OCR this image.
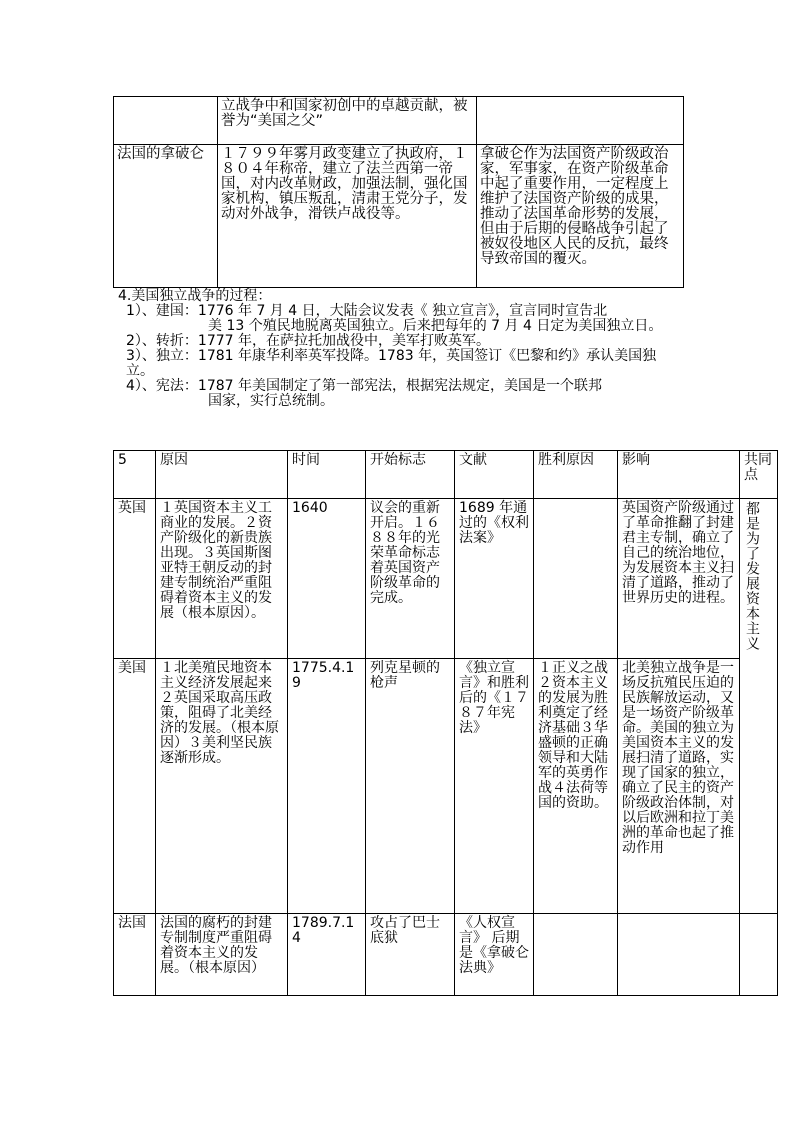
	立战争中和国家初创中的卓越贡献，被誉为“美国之父”	
法国的拿破仑	１７９９年雾月政变建立了执政府，１８０４年称帝，建立了法兰西第一帝国，对内改革财政，加强法制，强化国家机构，镇压叛乱，清肃王党分子，发动对外战争，滑铁卢战役等。	拿破仑作为法国资产阶级政治家，军事家，在资产阶级革命中起了重要作用，一定程度上维护了法国资产阶级的成果，推动了法国革命形势的发展，但由于后期的侵略战争引起了被奴役地区人民的反抗，最终导致帝国的覆灭。

4.美国独立战争的过程：

1）、建国：1776 年 7 月 4 日，大陆会议发表《 独立宣言》，宣言同时宣告北

美 13 个殖民地脱离英国独立。后来把每年的 7 月 4 日定为美国独立日。

2）、转折：1777 年，在萨拉托加战役中，美军打败英军。

3）、独立：1781 年康华利率英军投降。1783 年，英国签订《巴黎和约》承认美国独立。

4）、宪法：1787 年美国制定了第一部宪法，根据宪法规定，美国是一个联邦

国家，实行总统制。

5	原因	时间	开始标志	文献	胜利原因	影响	共同点
英国	１英国资本主义工商业的发展。２资产阶级化的新贵族出现。３英国斯图亚特王朝反动的封建专制统治严重阻碍着资本主义的发展（根本原因）。	1640	议会的重新开启。１６８８年的光荣革命标志着英国资产阶级革命的完成。	1689 年通过的《权利法案》		英国资产阶级通过了革命推翻了封建君主专制，确立了自己的统治地位，为发展资本主义扫清了道路，推动了世界历史的进程。	都是为了发展资本主义
美国	１北美殖民地资本主义经济发展起来２英国采取高压政策，阻碍了北美经济的发展。（根本原因）３美利坚民族逐渐形成。	1775.4.19	列克星顿的枪声	《独立宣言》和胜利后的《１７８７年宪法》	１正义之战２资本主义的发展为胜利奠定了经济基础３华盛顿的正确领导和大陆军的英勇作战４法荷等国的资助。	北美独立战争是一场反抗殖民压迫的民族解放运动，又是一场资产阶级革命。美国的独立为美国资本主义的发展扫清了道路，实现了国家的独立，确立了民主的资产阶级政治体制，对以后欧洲和拉丁美洲的革命也起了推动作用	
法国	法国的腐朽的封建专制制度严重阻碍着资本主义的发展。（根本原因）	1789.7.14	攻占了巴士底狱	《人权宣言》 后期是《拿破仑法典》			
